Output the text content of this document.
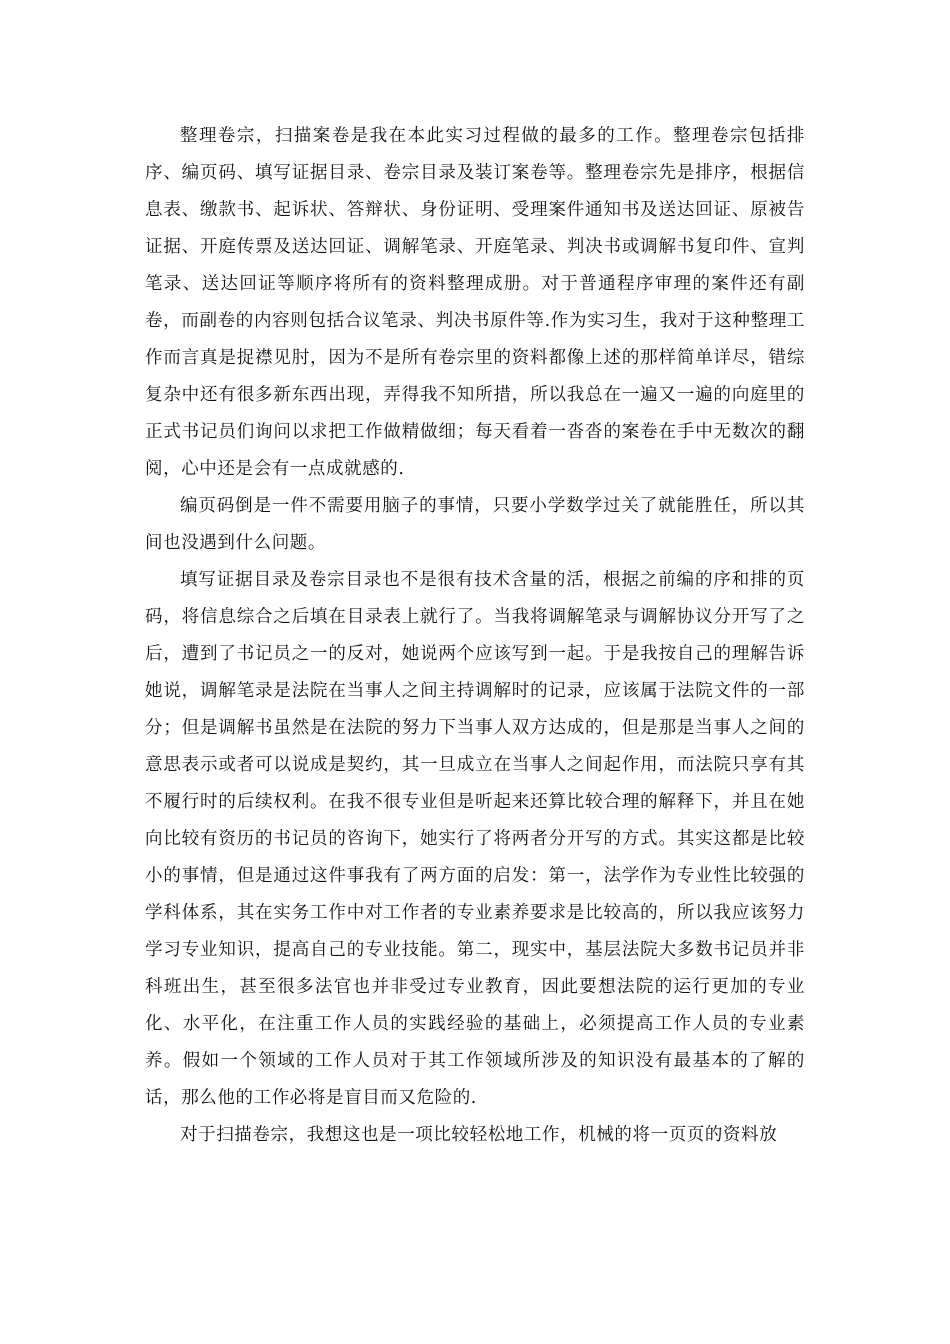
整理卷宗，扫描案卷是我在本此实习过程做的最多的工作。整理卷宗包括排序、编页码、填写证据目录、卷宗目录及装订案卷等。整理卷宗先是排序，根据信息表、缴款书、起诉状、答辩状、身份证明、受理案件通知书及送达回证、原被告证据、开庭传票及送达回证、调解笔录、开庭笔录、判决书或调解书复印件、宣判笔录、送达回证等顺序将所有的资料整理成册。对于普通程序审理的案件还有副卷，而副卷的内容则包括合议笔录、判决书原件等.作为实习生，我对于这种整理工作而言真是捉襟见肘，因为不是所有卷宗里的资料都像上述的那样简单详尽，错综复杂中还有很多新东西出现，弄得我不知所措，所以我总在一遍又一遍的向庭里的正式书记员们询问以求把工作做精做细；每天看着一沓沓的案卷在手中无数次的翻阅，心中还是会有一点成就感的.

编页码倒是一件不需要用脑子的事情，只要小学数学过关了就能胜任，所以其间也没遇到什么问题。

填写证据目录及卷宗目录也不是很有技术含量的活，根据之前编的序和排的页码，将信息综合之后填在目录表上就行了。当我将调解笔录与调解协议分开写了之后，遭到了书记员之一的反对，她说两个应该写到一起。于是我按自己的理解告诉她说，调解笔录是法院在当事人之间主持调解时的记录，应该属于法院文件的一部分；但是调解书虽然是在法院的努力下当事人双方达成的，但是那是当事人之间的意思表示或者可以说成是契约，其一旦成立在当事人之间起作用，而法院只享有其不履行时的后续权利。在我不很专业但是听起来还算比较合理的解释下，并且在她向比较有资历的书记员的咨询下，她实行了将两者分开写的方式。其实这都是比较小的事情，但是通过这件事我有了两方面的启发：第一，法学作为专业性比较强的学科体系，其在实务工作中对工作者的专业素养要求是比较高的，所以我应该努力学习专业知识，提高自己的专业技能。第二，现实中，基层法院大多数书记员并非科班出生，甚至很多法官也并非受过专业教育，因此要想法院的运行更加的专业化、水平化，在注重工作人员的实践经验的基础上，必须提高工作人员的专业素养。假如一个领域的工作人员对于其工作领域所涉及的知识没有最基本的了解的话，那么他的工作必将是盲目而又危险的.

对于扫描卷宗，我想这也是一项比较轻松地工作，机械的将一页页的资料放
